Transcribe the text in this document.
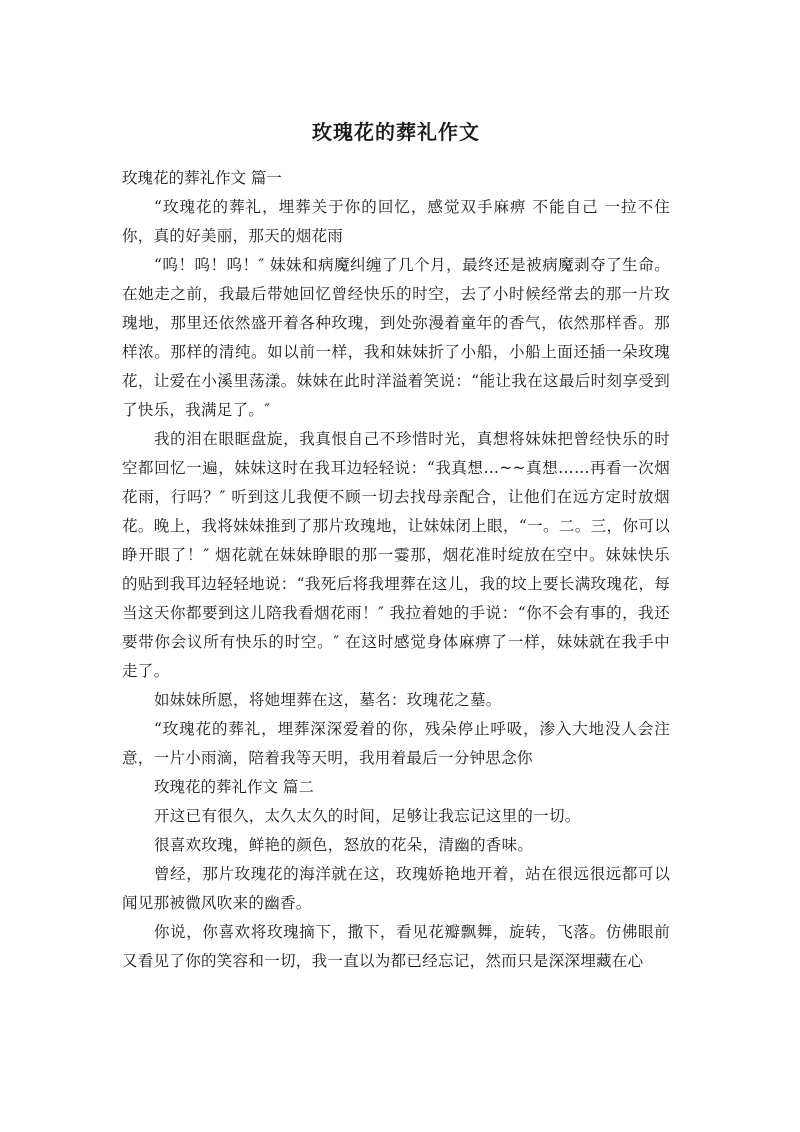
玫瑰花的葬礼作文
玫瑰花的葬礼作文 篇一

“玫瑰花的葬礼，埋葬关于你的回忆，感觉双手麻痹 不能自己 一拉不住你，真的好美丽，那天的烟花雨

“呜！呜！呜！″ 妹妹和病魔纠缠了几个月，最终还是被病魔剥夺了生命。在她走之前，我最后带她回忆曾经快乐的时空，去了小时候经常去的那一片玫瑰地，那里还依然盛开着各种玫瑰，到处弥漫着童年的香气，依然那样香。那样浓。那样的清纯。如以前一样，我和妹妹折了小船，小船上面还插一朵玫瑰花，让爱在小溪里荡漾。妹妹在此时洋溢着笑说：“能让我在这最后时刻享受到了快乐，我满足了。″

我的泪在眼眶盘旋，我真恨自己不珍惜时光，真想将妹妹把曾经快乐的时空都回忆一遍，妹妹这时在我耳边轻轻说：“我真想…~~真想……再看一次烟花雨，行吗？″ 听到这儿我便不顾一切去找母亲配合，让他们在远方定时放烟花。晚上，我将妹妹推到了那片玫瑰地，让妹妹闭上眼，“一。二。三，你可以睁开眼了！″ 烟花就在妹妹睁眼的那一霎那，烟花准时绽放在空中。妹妹快乐的贴到我耳边轻轻地说：“我死后将我埋葬在这儿，我的坟上要长满玫瑰花，每当这天你都要到这儿陪我看烟花雨！″ 我拉着她的手说：“你不会有事的，我还要带你会议所有快乐的时空。″ 在这时感觉身体麻痹了一样，妹妹就在我手中走了。

如妹妹所愿，将她埋葬在这，墓名：玫瑰花之墓。

“玫瑰花的葬礼，埋葬深深爱着的你，残朵停止呼吸，渗入大地没人会注意，一片小雨滴，陪着我等天明，我用着最后一分钟思念你

玫瑰花的葬礼作文 篇二

开这已有很久，太久太久的时间，足够让我忘记这里的一切。

很喜欢玫瑰，鲜艳的颜色，怒放的花朵，清幽的香味。

曾经，那片玫瑰花的海洋就在这，玫瑰娇艳地开着，站在很远很远都可以闻见那被微风吹来的幽香。

你说，你喜欢将玫瑰摘下，撒下，看见花瓣飘舞，旋转，飞落。仿佛眼前又看见了你的笑容和一切，我一直以为都已经忘记，然而只是深深埋藏在心
